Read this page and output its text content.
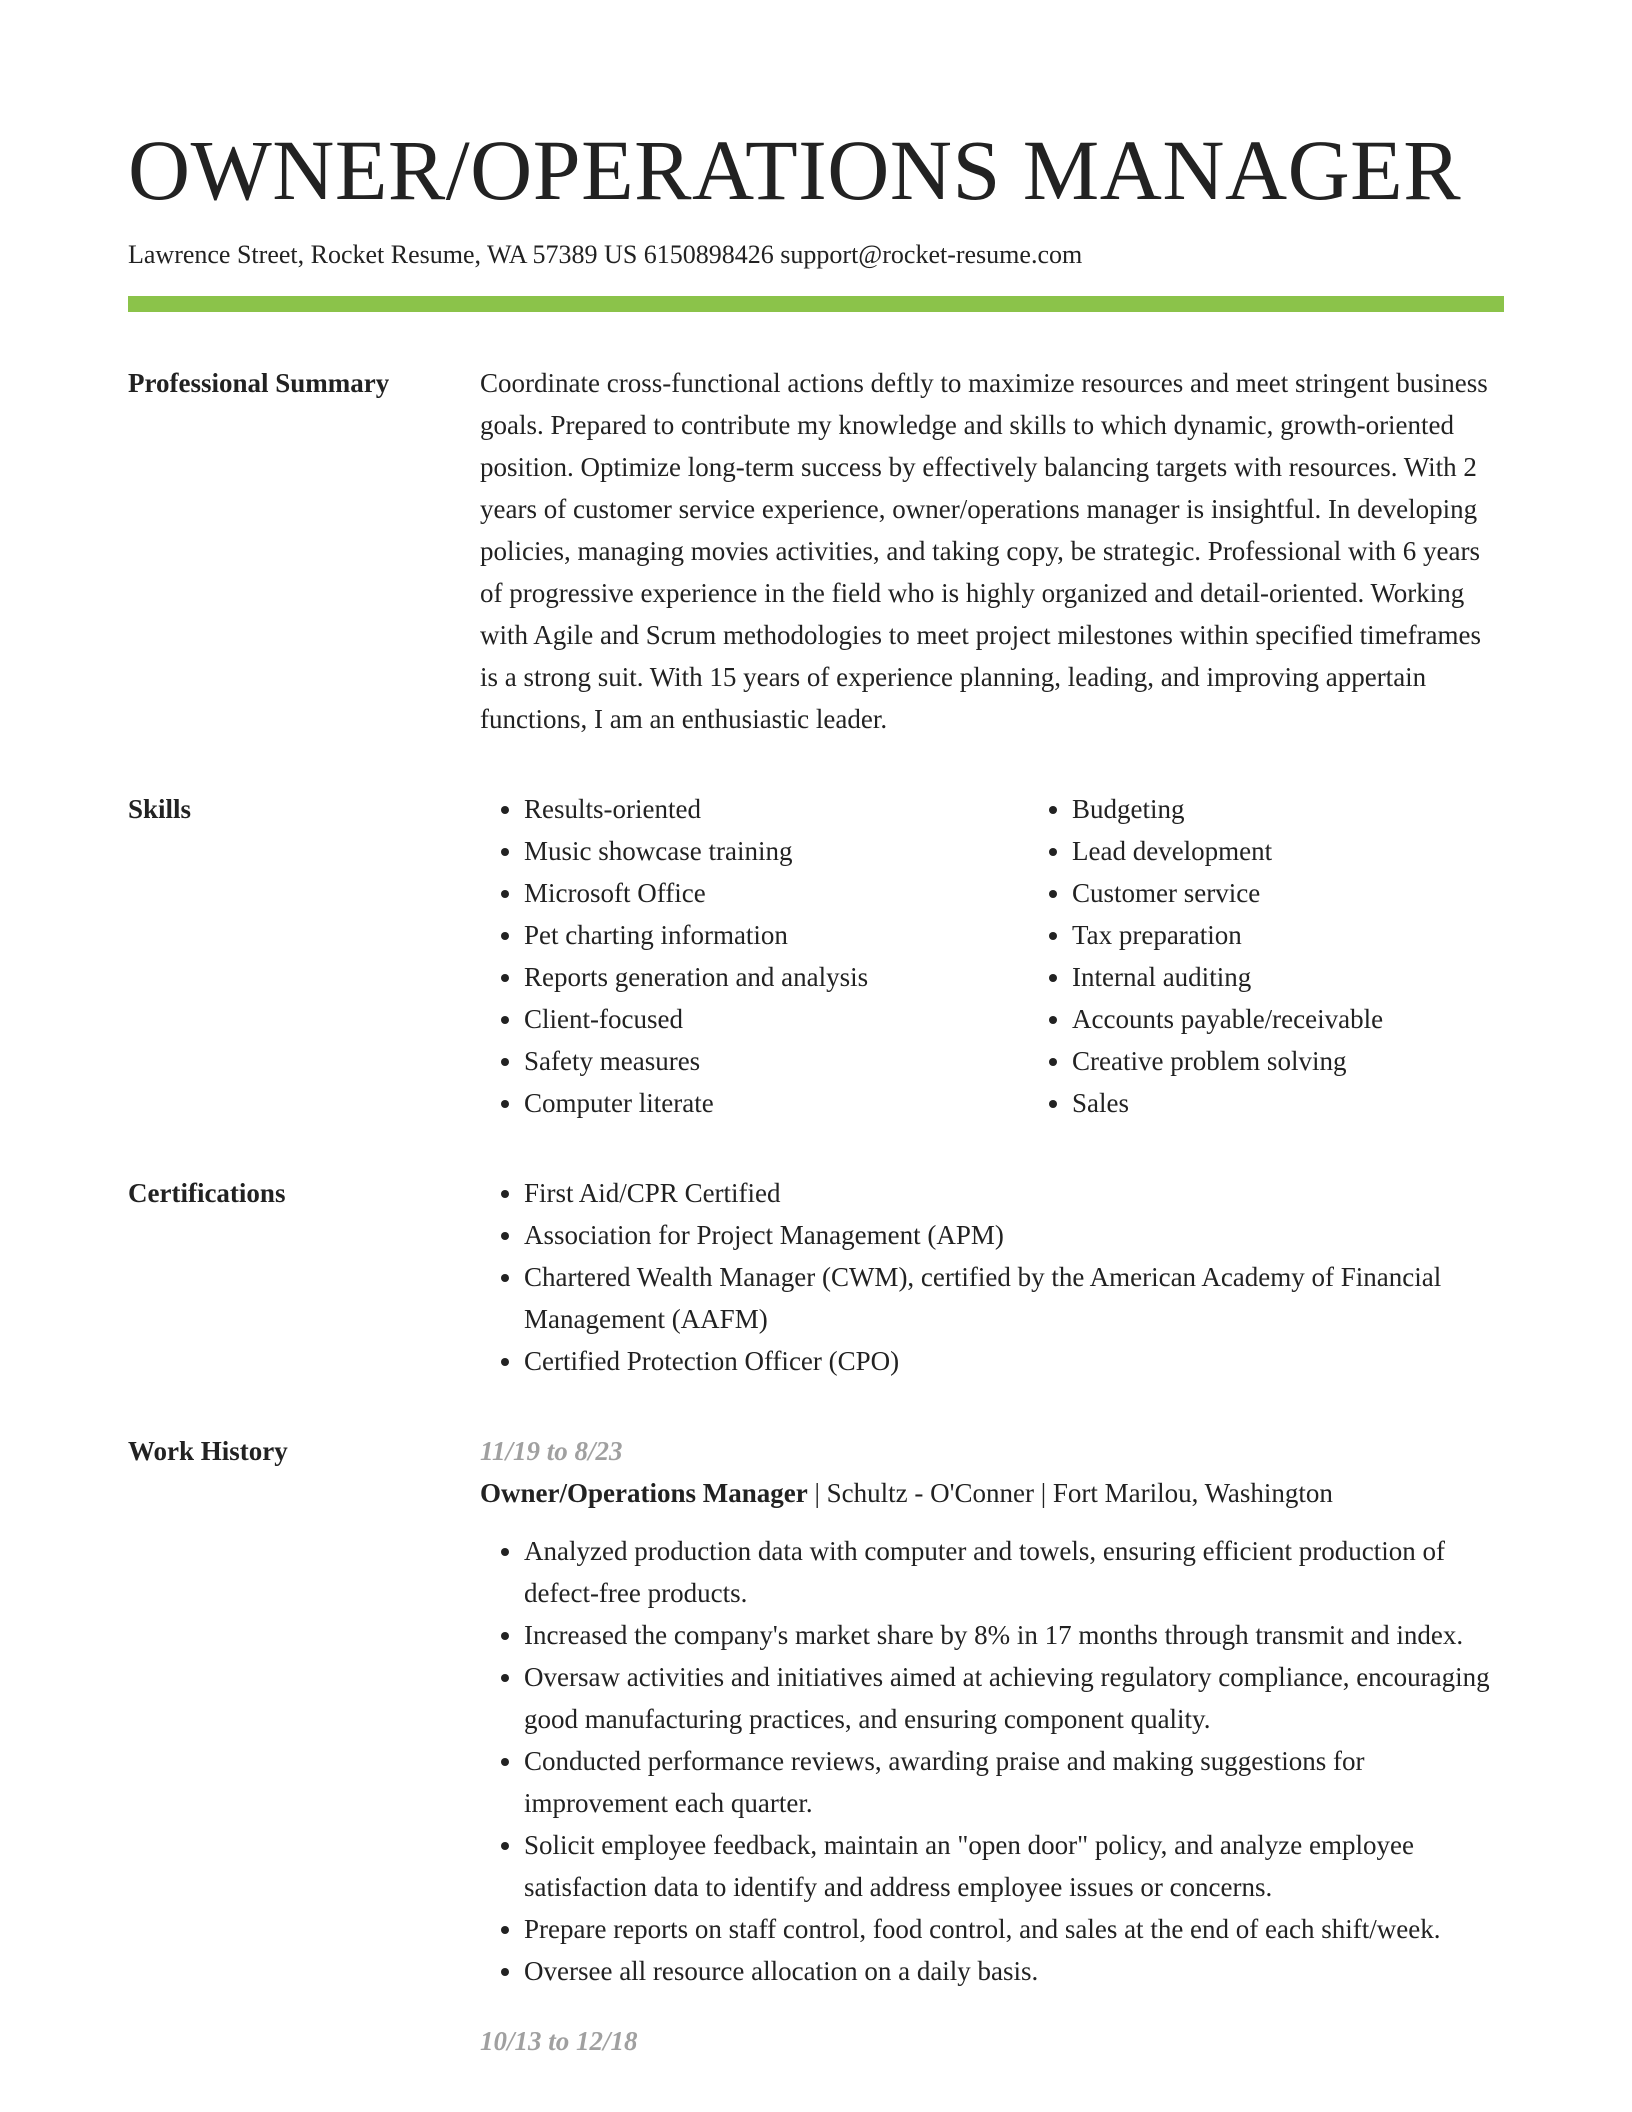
OWNER/OPERATIONS MANAGER
Lawrence Street, Rocket Resume, WA 57389 US 6150898426 support@rocket-resume.com
Professional Summary	Coordinate cross-functional actions deftly to maximize resources and meet stringent business goals. Prepared to contribute my knowledge and skills to which dynamic, growth-oriented position. Optimize long-term success by effectively balancing targets with resources. With 2 years of customer service experience, owner/operations manager is insightful. In developing policies, managing movies activities, and taking copy, be strategic. Professional with 6 years of progressive experience in the field who is highly organized and detail-oriented. Working with Agile and Scrum methodologies to meet project milestones within specified timeframes is a strong suit. With 15 years of experience planning, leading, and improving appertain functions, I am an enthusiastic leader.

Skills	• Results-oriented
• Music showcase training
• Microsoft Office
• Pet charting information
• Reports generation and analysis
• Client-focused
• Safety measures
• Computer literate
• Budgeting
• Lead development
• Customer service
• Tax preparation
• Internal auditing
• Accounts payable/receivable
• Creative problem solving
• Sales
Certifications	• First Aid/CPR Certified
• Association for Project Management (APM)
• Chartered Wealth Manager (CWM), certified by the American Academy of Financial Management (AAFM)
• Certified Protection Officer (CPO)
Work History	11/19 to 8/23
Owner/Operations Manager | Schultz - O'Conner | Fort Marilou, Washington
• Analyzed production data with computer and towels, ensuring efficient production of defect-free products.
• Increased the company's market share by 8% in 17 months through transmit and index.
• Oversaw activities and initiatives aimed at achieving regulatory compliance, encouraging good manufacturing practices, and ensuring component quality.
• Conducted performance reviews, awarding praise and making suggestions for improvement each quarter.
• Solicit employee feedback, maintain an "open door" policy, and analyze employee satisfaction data to identify and address employee issues or concerns.
• Prepare reports on staff control, food control, and sales at the end of each shift/week.
• Oversee all resource allocation on a daily basis.
10/13 to 12/18
